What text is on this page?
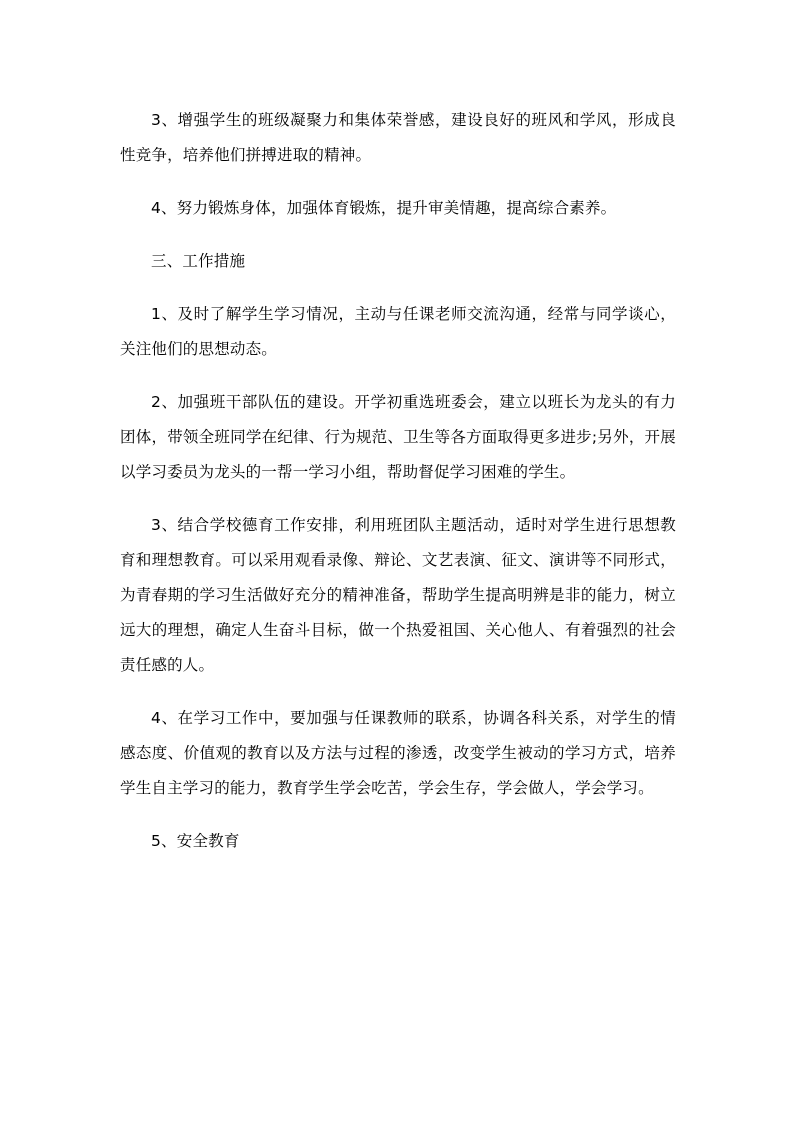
3、增强学生的班级凝聚力和集体荣誉感，建设良好的班风和学风，形成良性竞争，培养他们拼搏进取的精神。

4、努力锻炼身体，加强体育锻炼，提升审美情趣，提高综合素养。

三、工作措施

1、及时了解学生学习情况，主动与任课老师交流沟通，经常与同学谈心，关注他们的思想动态。

2、加强班干部队伍的建设。开学初重选班委会，建立以班长为龙头的有力团体，带领全班同学在纪律、行为规范、卫生等各方面取得更多进步;另外，开展以学习委员为龙头的一帮一学习小组，帮助督促学习困难的学生。

3、结合学校德育工作安排，利用班团队主题活动，适时对学生进行思想教育和理想教育。可以采用观看录像、辩论、文艺表演、征文、演讲等不同形式，为青春期的学习生活做好充分的精神准备，帮助学生提高明辨是非的能力，树立远大的理想，确定人生奋斗目标，做一个热爱祖国、关心他人、有着强烈的社会责任感的人。

4、在学习工作中，要加强与任课教师的联系，协调各科关系，对学生的情感态度、价值观的教育以及方法与过程的渗透，改变学生被动的学习方式，培养学生自主学习的能力，教育学生学会吃苦，学会生存，学会做人，学会学习。

5、安全教育
